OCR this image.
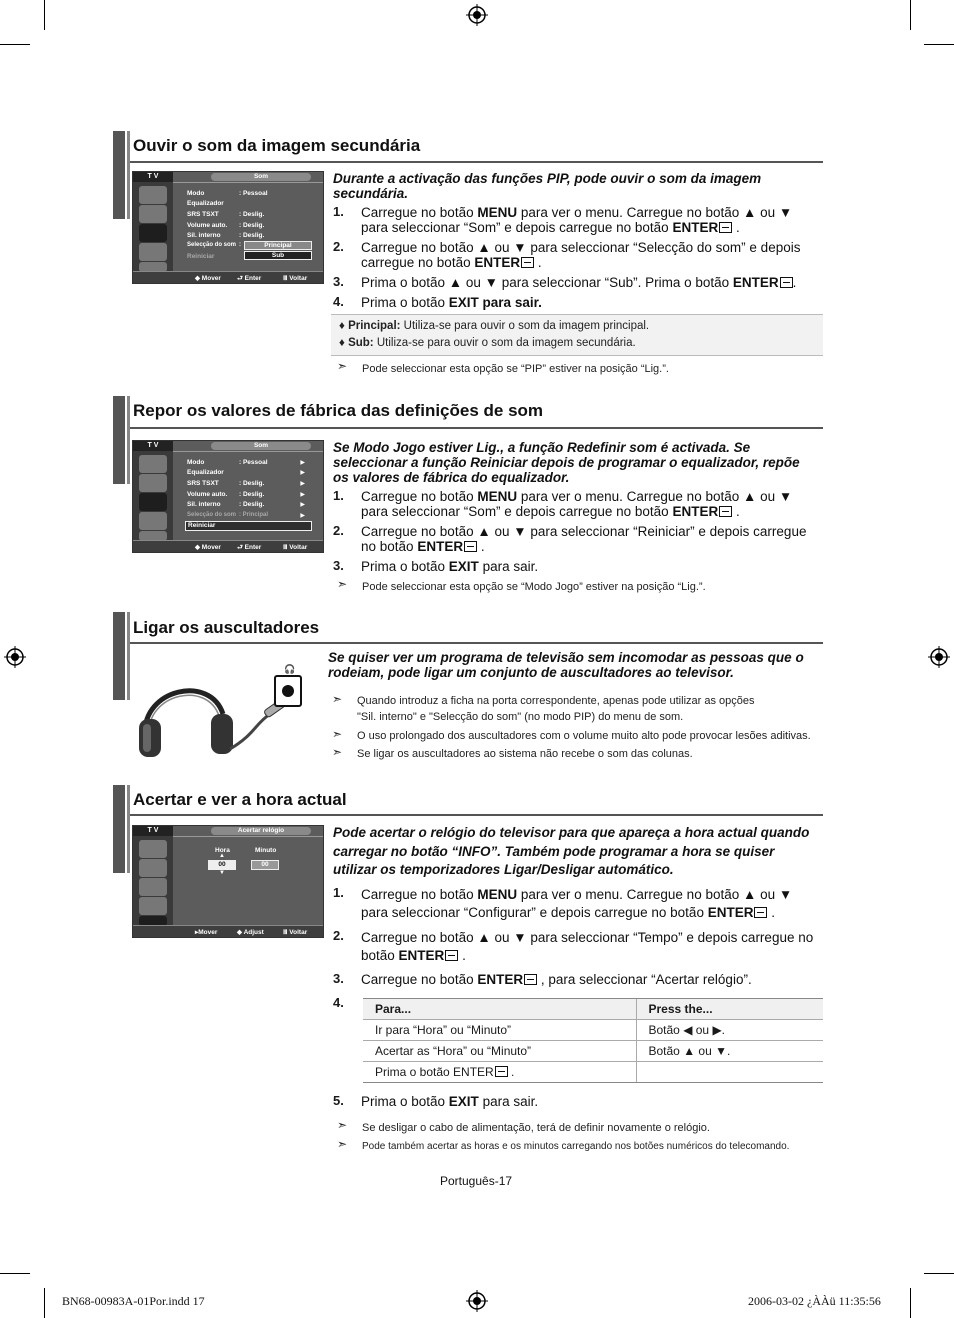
Ouvir o som da imagem secundária
T V	Som
Modo	: Pessoal
Equalizador
SRS TSXT	: Deslig.
Volume auto. : Deslig.
Sil. interno	: Deslig.
Selecção do som :
Reiniciar
Principal
Sub
◆ Mover ⮐ Enter	Ⅲ Voltar
Durante a activação das funções PIP, pode ouvir o som da imagem secundária.
1. Carregue no botão MENU para ver o menu. Carregue no botão ▲ ou ▼ para seleccionar “Som” e depois carregue no botão ENTER .
2. Carregue no botão ▲ ou ▼ para seleccionar “Selecção do som” e depois carregue no botão ENTER .
3. Prima o botão ▲ ou ▼ para seleccionar “Sub”. Prima o botão ENTER .
4. Prima o botão EXIT para sair.
♦ Principal: Utiliza-se para ouvir o som da imagem principal.
♦ Sub: Utiliza-se para ouvir o som da imagem secundária.
➣ Pode seleccionar esta opção se “PIP” estiver na posição “Lig.”.
Repor os valores de fábrica das definições de som
T V	Som
Modo	: Pessoal
Equalizador
SRS TSXT	: Deslig.
Volume auto. : Deslig.
Sil. interno	: Deslig.
Selecção do som : Principal
▶
▶
▶
▶
▶
▶
Reiniciar
◆ Mover ⮐ Enter	Ⅲ Voltar
Se Modo Jogo estiver Lig., a função Redefinir som é activada. Se seleccionar a função Reiniciar depois de programar o equalizador, repõe os valores de fábrica do equalizador.
1. Carregue no botão MENU para ver o menu. Carregue no botão ▲ ou ▼ para seleccionar “Som” e depois carregue no botão ENTER .
2. Carregue no botão ▲ ou ▼ para seleccionar “Reiniciar” e depois carregue no botão ENTER .
3. Prima o botão EXIT para sair.
➣ Pode seleccionar esta opção se “Modo Jogo” estiver na posição “Lig.”.
Ligar os auscultadores
🎧
Se quiser ver um programa de televisão sem incomodar as pessoas que o rodeiam, pode ligar um conjunto de auscultadores ao televisor.
➣ Quando introduz a ficha na porta correspondente, apenas pode utilizar as opções
"Sil. interno" e "Selecção do som" (no modo PIP) do menu de som.
➣ O uso prolongado dos auscultadores com o volume muito alto pode provocar lesões aditivas.
➣ Se ligar os auscultadores ao sistema não recebe o som das colunas.
Acertar e ver a hora actual
T V	Acertar relógio
Hora	Minuto
00	00
▲
▼
▸Mover	◆ Adjust	Ⅲ Voltar
Pode acertar o relógio do televisor para que apareça a hora actual quando carregar no botão “INFO”. Também pode programar a hora se quiser utilizar os temporizadores Ligar/Desligar automático.
1. Carregue no botão MENU para ver o menu. Carregue no botão ▲ ou ▼ para seleccionar “Configurar” e depois carregue no botão ENTER .
2. Carregue no botão ▲ ou ▼ para seleccionar “Tempo” e depois carregue no botão ENTER .
3. Carregue no botão ENTER , para seleccionar “Acertar relógio”.
4.	Para...	Press the...
Ir para “Hora” ou “Minuto”	Botão ◀ ou ▶.
Acertar as “Hora” ou “Minuto”	Botão ▲ ou ▼.
Prima o botão ENTER .	
5. Prima o botão EXIT para sair.
➣ Se desligar o cabo de alimentação, terá de definir novamente o relógio.
➣ Pode também acertar as horas e os minutos carregando nos botões numéricos do telecomando.
Português-17
BN68-00983A-01Por.indd 17	2006-03-02 ¿ÀÀü 11:35:56
